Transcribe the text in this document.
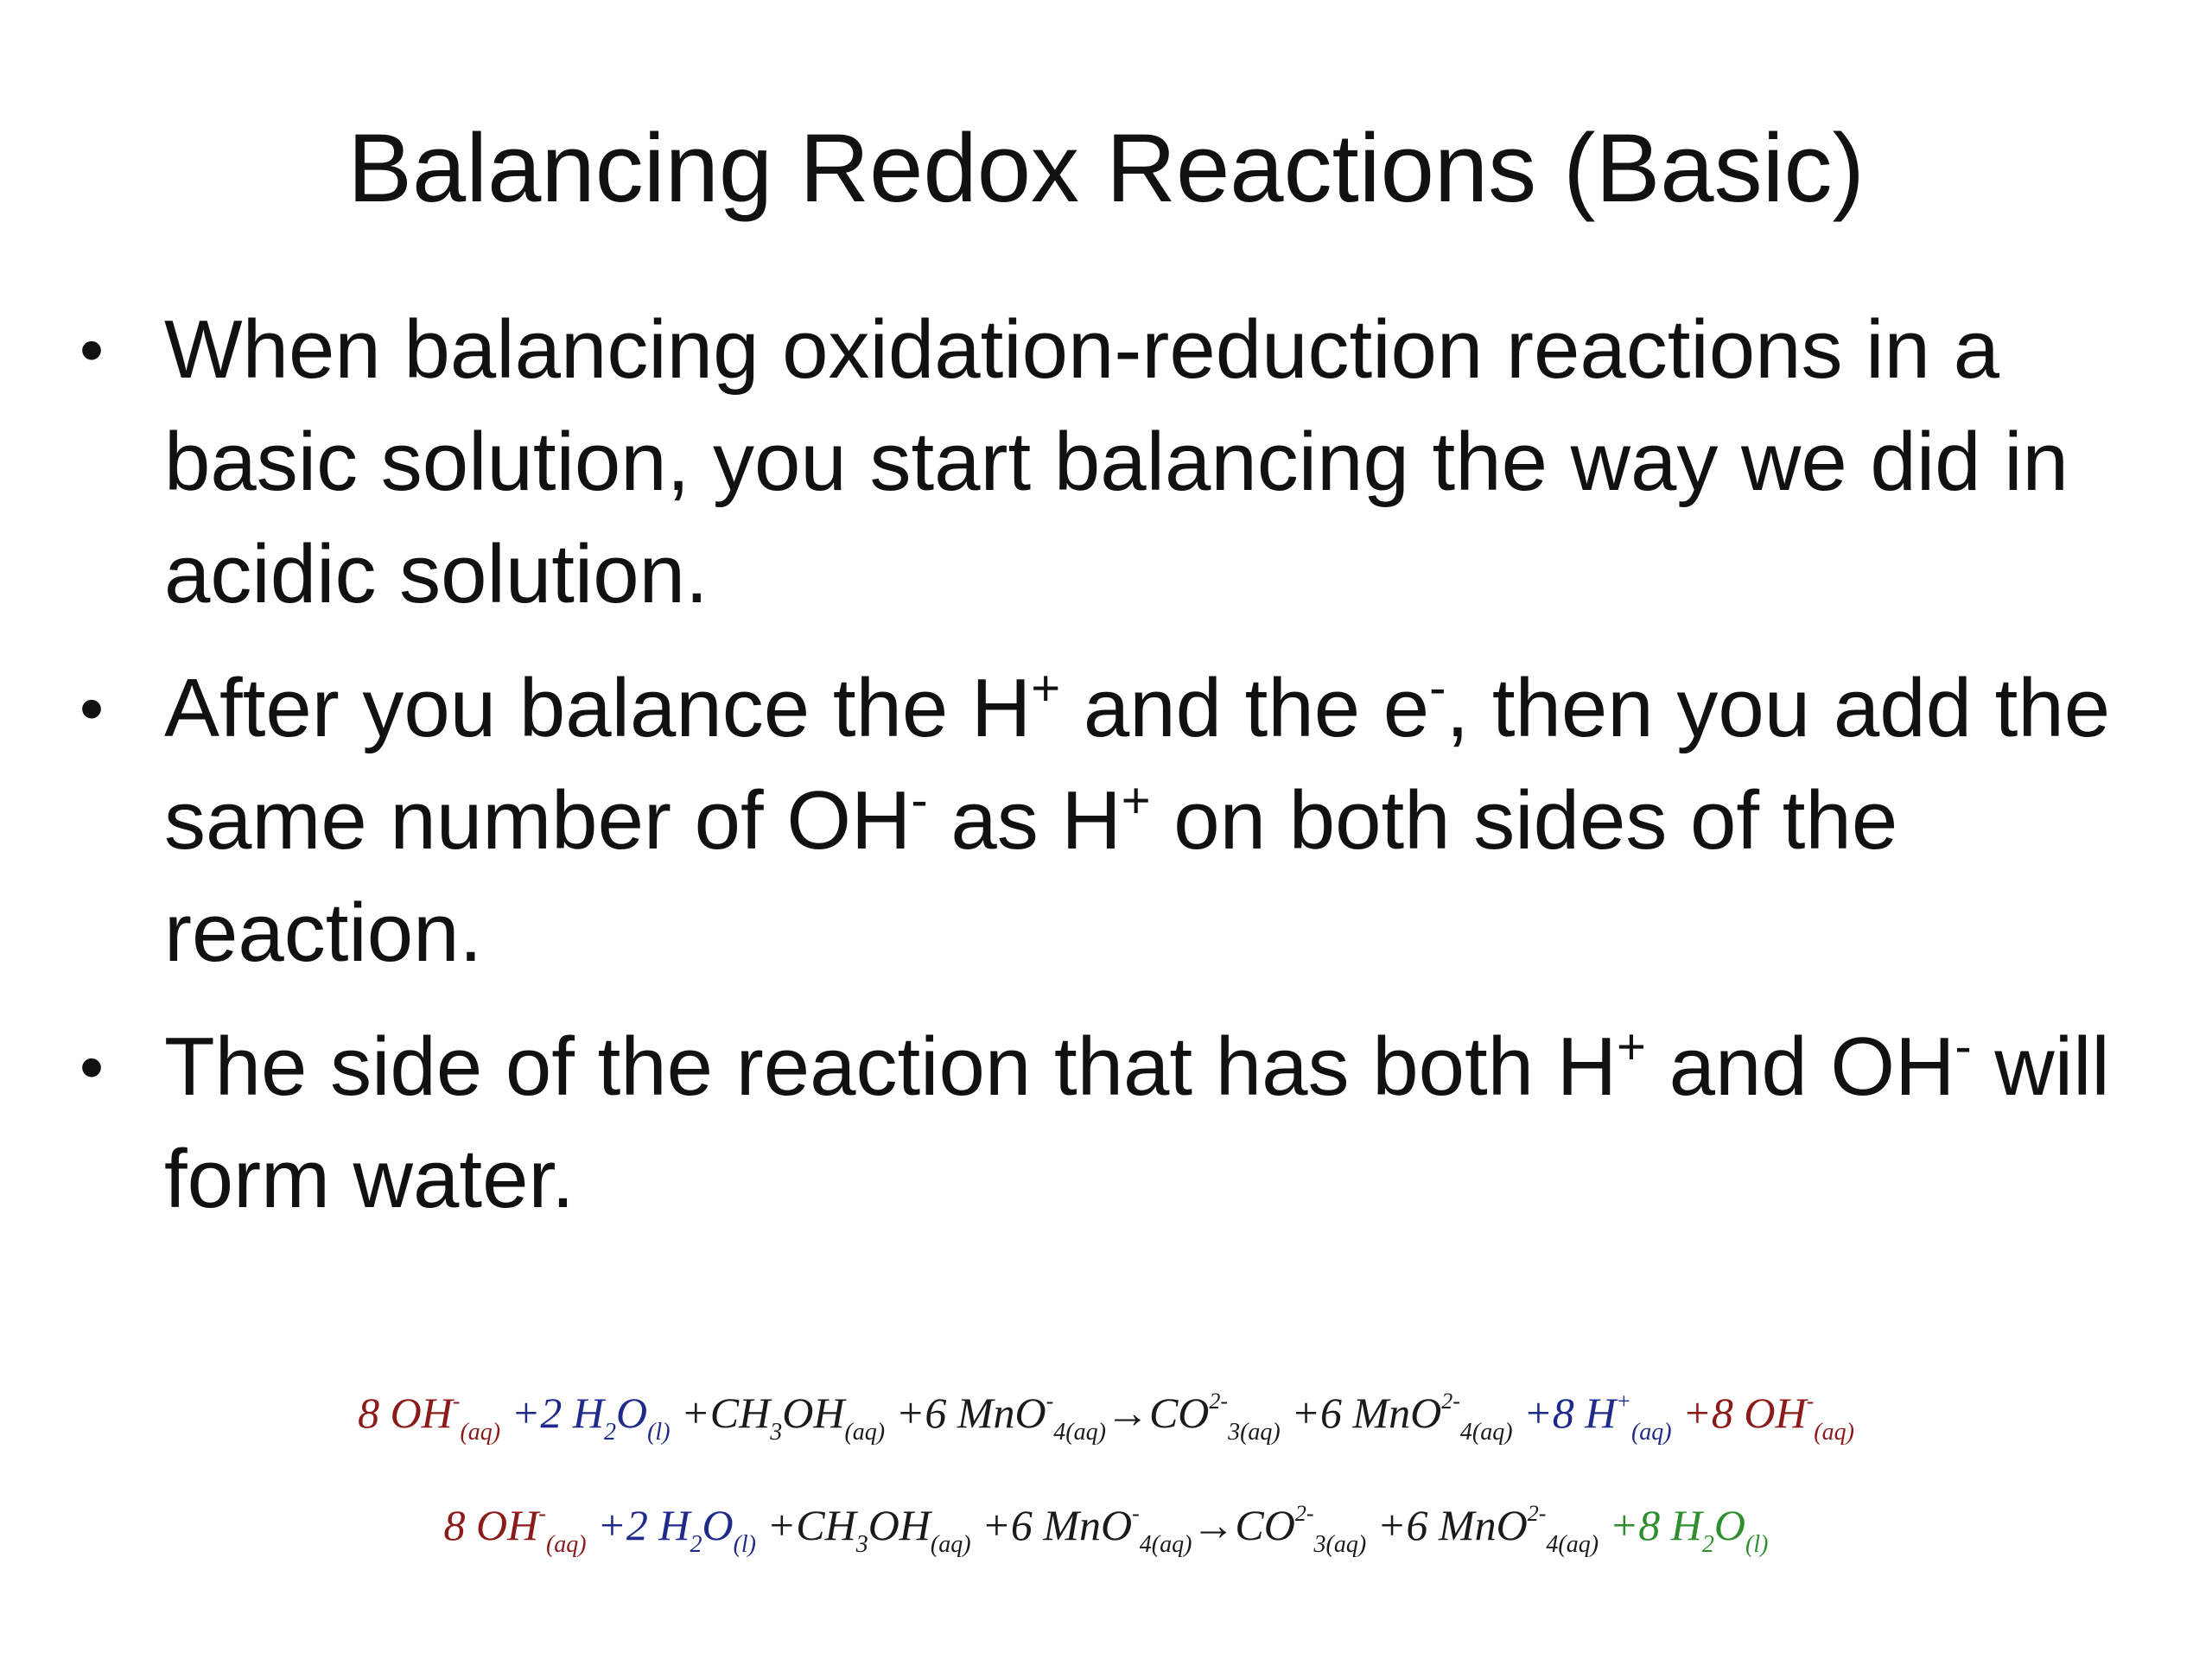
Balancing Redox Reactions (Basic)
• When balancing oxidation-reduction reactions in a basic solution, you start balancing the way we did in acidic solution.
• After you balance the H+ and the e-, then you add the same number of OH- as H+ on both sides of the reaction.
• The side of the reaction that has both H+ and OH- will form water.
8 $OH^-_{(aq)} +2$ $H_2O_{(l)} +CH_3OH_{(aq)} +6$ $MnO^-_{4(aq)}\to CO^{2-}_{3(aq)} +6$ MnO$^{2-}_{4(aq)}$ +8 $H^+_{(aq)} +8$ $OH^-_{(aq)}$
8 $OH^-_{(aq)} +2$ $H_2O_{(l)} +CH_3OH_{(aq)} +6$ $MnO^-_{4(aq)}\to CO^{2-}_{3(aq)} +6$ MnO$^{2-}_{4(aq)}$ +8 $H_2O_{(l)}$
